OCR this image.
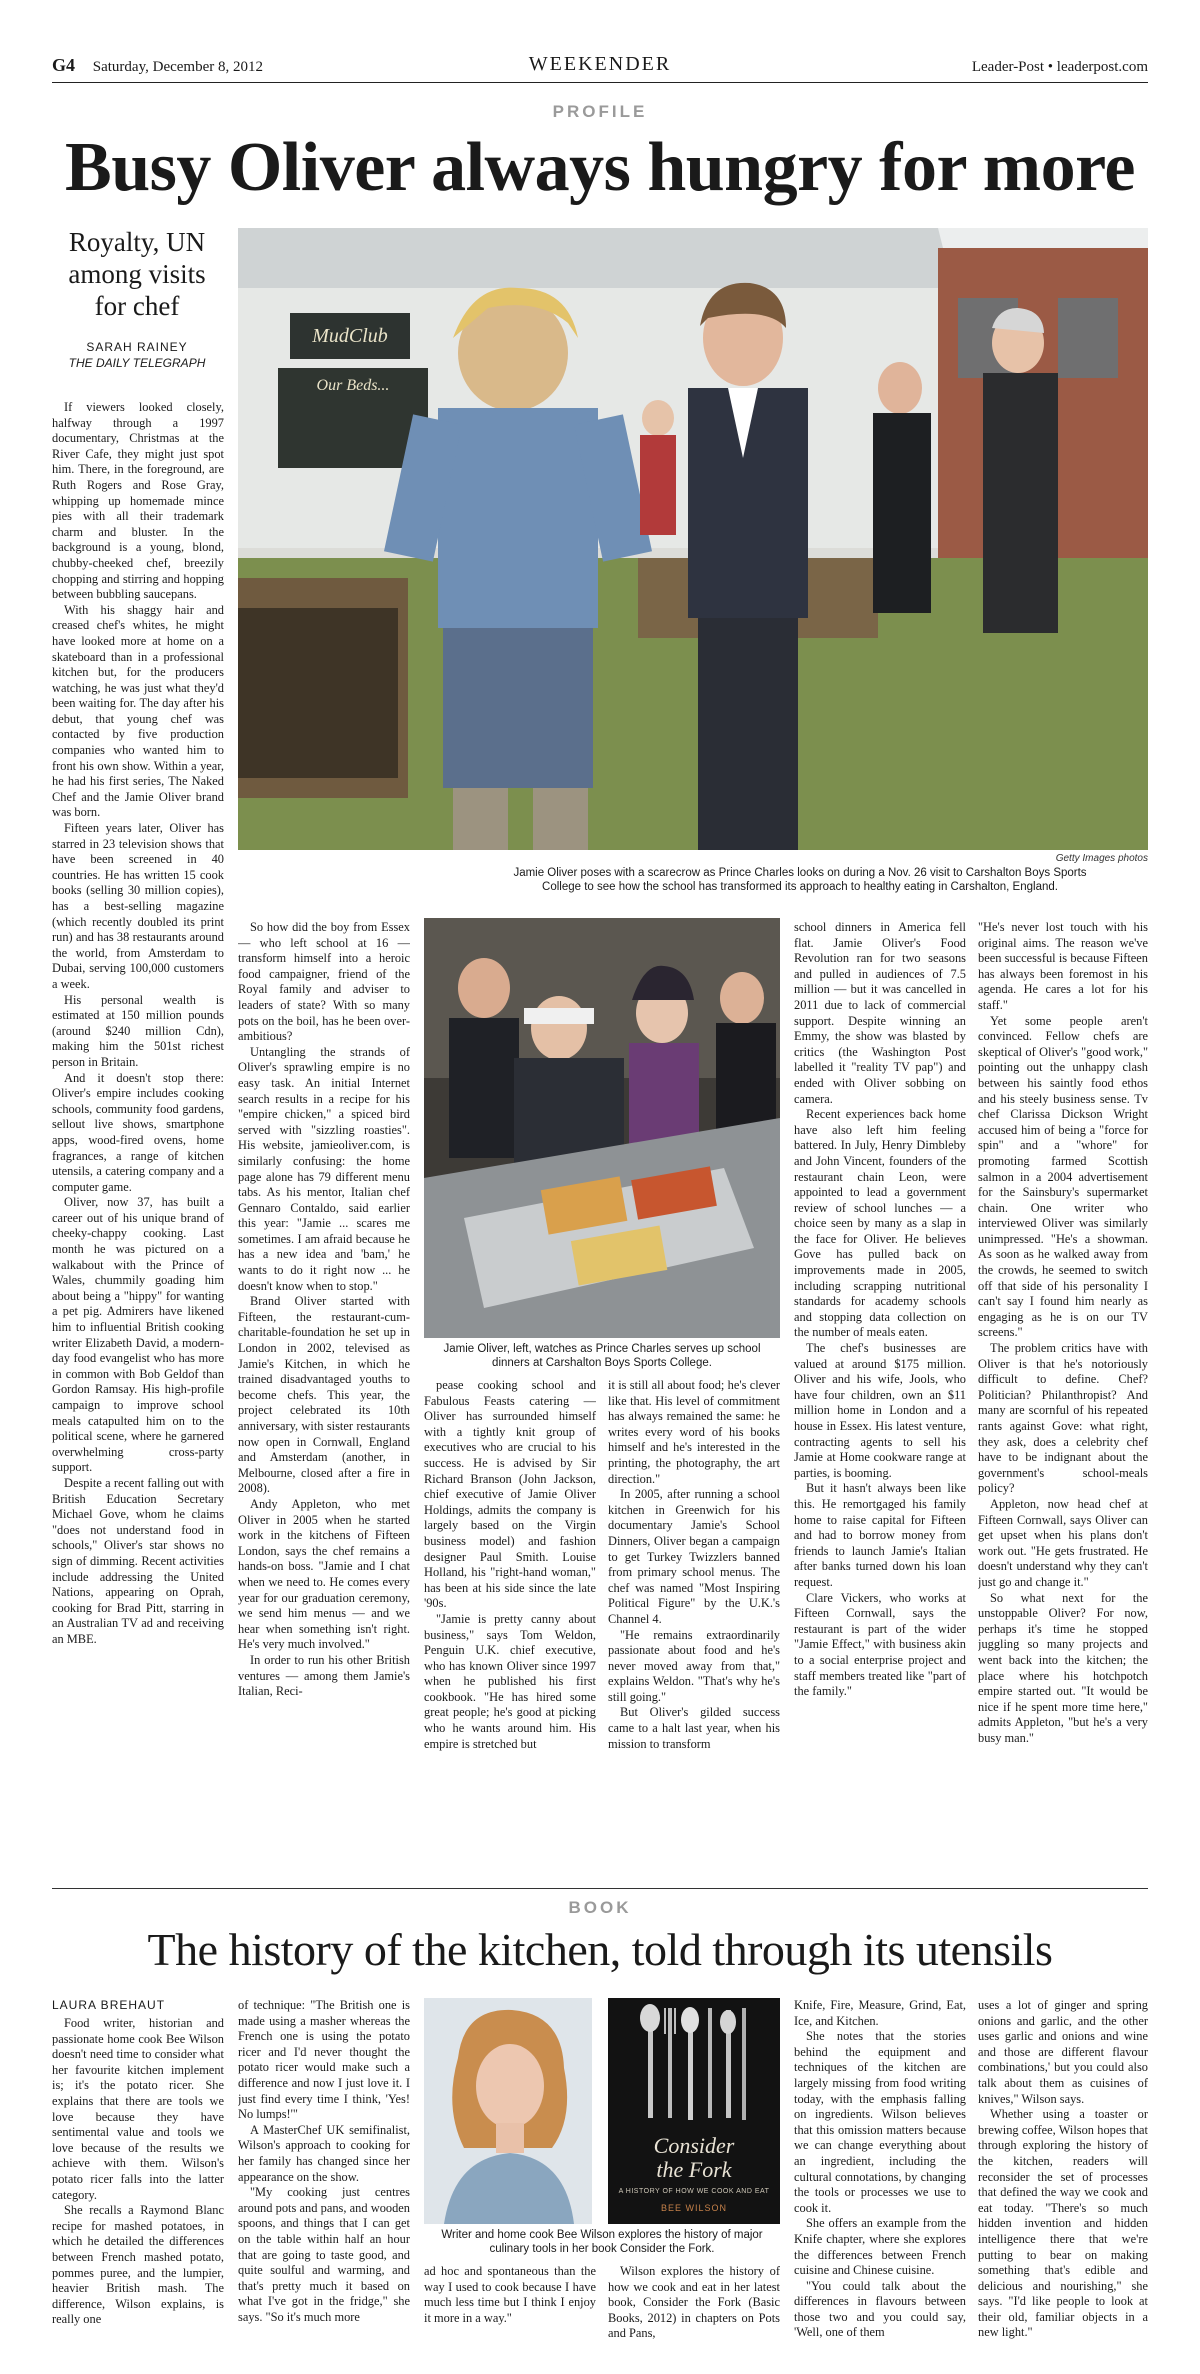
G4 Saturday, December 8, 2012	WEEKENDER	Leader-Post • leaderpost.com
PROFILE
Busy Oliver always hungry for more
Royalty, UN among visits for chef
SARAH RAINEY
THE DAILY TELEGRAPH
MudClub
Our Beds...
Getty Images photos
Jamie Oliver poses with a scarecrow as Prince Charles looks on during a Nov. 26 visit to Carshalton Boys Sports College to see how the school has transformed its approach to healthy eating in Carshalton, England.

If viewers looked closely, halfway through a 1997 documentary, Christmas at the River Cafe, they might just spot him. There, in the foreground, are Ruth Rogers and Rose Gray, whipping up homemade mince pies with all their trademark charm and bluster. In the background is a young, blond, chubby-cheeked chef, breezily chopping and stirring and hopping between bubbling saucepans.

With his shaggy hair and creased chef's whites, he might have looked more at home on a skateboard than in a professional kitchen but, for the producers watching, he was just what they'd been waiting for. The day after his debut, that young chef was contacted by five production companies who wanted him to front his own show. Within a year, he had his first series, The Naked Chef and the Jamie Oliver brand was born.

Fifteen years later, Oliver has starred in 23 television shows that have been screened in 40 countries. He has written 15 cook books (selling 30 million copies), has a best-selling magazine (which recently doubled its print run) and has 38 restaurants around the world, from Amsterdam to Dubai, serving 100,000 customers a week.

His personal wealth is estimated at 150 million pounds (around $240 million Cdn), making him the 501st richest person in Britain.

And it doesn't stop there: Oliver's empire includes cooking schools, community food gardens, sellout live shows, smartphone apps, wood-fired ovens, home fragrances, a range of kitchen utensils, a catering company and a computer game.

Oliver, now 37, has built a career out of his unique brand of cheeky-chappy cooking. Last month he was pictured on a walkabout with the Prince of Wales, chummily goading him about being a "hippy" for wanting a pet pig. Admirers have likened him to influential British cooking writer Elizabeth David, a modern-day food evangelist who has more in common with Bob Geldof than Gordon Ramsay. His high-profile campaign to improve school meals catapulted him on to the political scene, where he garnered overwhelming cross-party support.

Despite a recent falling out with British Education Secretary Michael Gove, whom he claims "does not understand food in schools," Oliver's star shows no sign of dimming. Recent activities include addressing the United Nations, appearing on Oprah, cooking for Brad Pitt, starring in an Australian TV ad and receiving an MBE.

So how did the boy from Essex — who left school at 16 — transform himself into a heroic food campaigner, friend of the Royal family and adviser to leaders of state? With so many pots on the boil, has he been over-ambitious?

Untangling the strands of Oliver's sprawling empire is no easy task. An initial Internet search results in a recipe for his "empire chicken," a spiced bird served with "sizzling roasties". His website, jamieoliver.com, is similarly confusing: the home page alone has 79 different menu tabs. As his mentor, Italian chef Gennaro Contaldo, said earlier this year: "Jamie ... scares me sometimes. I am afraid because he has a new idea and 'bam,' he wants to do it right now ... he doesn't know when to stop."

Brand Oliver started with Fifteen, the restaurant-cum-charitable-foundation he set up in London in 2002, televised as Jamie's Kitchen, in which he trained disadvantaged youths to become chefs. This year, the project celebrated its 10th anniversary, with sister restaurants now open in Cornwall, England and Amsterdam (another, in Melbourne, closed after a fire in 2008).

Andy Appleton, who met Oliver in 2005 when he started work in the kitchens of Fifteen London, says the chef remains a hands-on boss. "Jamie and I chat when we need to. He comes every year for our graduation ceremony, we send him menus — and we hear when something isn't right. He's very much involved."

In order to run his other British ventures — among them Jamie's Italian, Reci-

Jamie Oliver, left, watches as Prince Charles serves up school dinners at Carshalton Boys Sports College.

pease cooking school and Fabulous Feasts catering — Oliver has surrounded himself with a tightly knit group of executives who are crucial to his success. He is advised by Sir Richard Branson (John Jackson, chief executive of Jamie Oliver Holdings, admits the company is largely based on the Virgin business model) and fashion designer Paul Smith. Louise Holland, his "right-hand woman," has been at his side since the late '90s.

"Jamie is pretty canny about business," says Tom Weldon, Penguin U.K. chief executive, who has known Oliver since 1997 when he published his first cookbook. "He has hired some great people; he's good at picking who he wants around him. His empire is stretched but

it is still all about food; he's clever like that. His level of commitment has always remained the same: he writes every word of his books himself and he's interested in the printing, the photography, the art direction."

In 2005, after running a school kitchen in Greenwich for his documentary Jamie's School Dinners, Oliver began a campaign to get Turkey Twizzlers banned from primary school menus. The chef was named "Most Inspiring Political Figure" by the U.K.'s Channel 4.

"He remains extraordinarily passionate about food and he's never moved away from that," explains Weldon. "That's why he's still going."

But Oliver's gilded success came to a halt last year, when his mission to transform

school dinners in America fell flat. Jamie Oliver's Food Revolution ran for two seasons and pulled in audiences of 7.5 million — but it was cancelled in 2011 due to lack of commercial support. Despite winning an Emmy, the show was blasted by critics (the Washington Post labelled it "reality TV pap") and ended with Oliver sobbing on camera.

Recent experiences back home have also left him feeling battered. In July, Henry Dimbleby and John Vincent, founders of the restaurant chain Leon, were appointed to lead a government review of school lunches — a choice seen by many as a slap in the face for Oliver. He believes Gove has pulled back on improvements made in 2005, including scrapping nutritional standards for academy schools and stopping data collection on the number of meals eaten.

The chef's businesses are valued at around $175 million. Oliver and his wife, Jools, who have four children, own an $11 million home in London and a house in Essex. His latest venture, contracting agents to sell his Jamie at Home cookware range at parties, is booming.

But it hasn't always been like this. He remortgaged his family home to raise capital for Fifteen and had to borrow money from friends to launch Jamie's Italian after banks turned down his loan request.

Clare Vickers, who works at Fifteen Cornwall, says the restaurant is part of the wider "Jamie Effect," with business akin to a social enterprise project and staff members treated like "part of the family."

"He's never lost touch with his original aims. The reason we've been successful is because Fifteen has always been foremost in his agenda. He cares a lot for his staff."

Yet some people aren't convinced. Fellow chefs are skeptical of Oliver's "good work," pointing out the unhappy clash between his saintly food ethos and his steely business sense. Tv chef Clarissa Dickson Wright accused him of being a "force for spin" and a "whore" for promoting farmed Scottish salmon in a 2004 advertisement for the Sainsbury's supermarket chain. One writer who interviewed Oliver was similarly unimpressed. "He's a showman. As soon as he walked away from the crowds, he seemed to switch off that side of his personality I can't say I found him nearly as engaging as he is on our TV screens."

The problem critics have with Oliver is that he's notoriously difficult to define. Chef? Politician? Philanthropist? And many are scornful of his repeated rants against Gove: what right, they ask, does a celebrity chef have to be indignant about the government's school-meals policy?

Appleton, now head chef at Fifteen Cornwall, says Oliver can get upset when his plans don't work out. "He gets frustrated. He doesn't understand why they can't just go and change it."

So what next for the unstoppable Oliver? For now, perhaps it's time he stopped juggling so many projects and went back into the kitchen; the place where his hotchpotch empire started out. "It would be nice if he spent more time here," admits Appleton, "but he's a very busy man."

BOOK
The history of the kitchen, told through its utensils
LAURA BREHAUT

Food writer, historian and passionate home cook Bee Wilson doesn't need time to consider what her favourite kitchen implement is; it's the potato ricer. She explains that there are tools we love because they have sentimental value and tools we love because of the results we achieve with them. Wilson's potato ricer falls into the latter category.

She recalls a Raymond Blanc recipe for mashed potatoes, in which he detailed the differences between French mashed potato, pommes puree, and the lumpier, heavier British mash. The difference, Wilson explains, is really one

of technique: "The British one is made using a masher whereas the French one is using the potato ricer and I'd never thought the potato ricer would make such a difference and now I just love it. I just find every time I think, 'Yes! No lumps!'"

A MasterChef UK semifinalist, Wilson's approach to cooking for her family has changed since her appearance on the show.

"My cooking just centres around pots and pans, and wooden spoons, and things that I can get on the table within half an hour that are going to taste good, and quite soulful and warming, and that's pretty much it based on what I've got in the fridge," she says. "So it's much more

Consider
the Fork
A HISTORY OF HOW WE COOK AND EAT
BEE WILSON
Writer and home cook Bee Wilson explores the history of major culinary tools in her book Consider the Fork.

ad hoc and spontaneous than the way I used to cook because I have much less time but I think I enjoy it more in a way."

Wilson explores the history of how we cook and eat in her latest book, Consider the Fork (Basic Books, 2012) in chapters on Pots and Pans,

Knife, Fire, Measure, Grind, Eat, Ice, and Kitchen.

She notes that the stories behind the equipment and techniques of the kitchen are largely missing from food writing today, with the emphasis falling on ingredients. Wilson believes that this omission matters because we can change everything about an ingredient, including the cultural connotations, by changing the tools or processes we use to cook it.

She offers an example from the Knife chapter, where she explores the differences between French cuisine and Chinese cuisine.

"You could talk about the differences in flavours between those two and you could say, 'Well, one of them

uses a lot of ginger and spring onions and garlic, and the other uses garlic and onions and wine and those are different flavour combinations,' but you could also talk about them as cuisines of knives," Wilson says.

Whether using a toaster or brewing coffee, Wilson hopes that through exploring the history of the kitchen, readers will reconsider the set of processes that defined the way we cook and eat today. "There's so much hidden invention and hidden intelligence there that we're putting to bear on making something that's edible and delicious and nourishing," she says. "I'd like people to look at their old, familiar objects in a new light."
